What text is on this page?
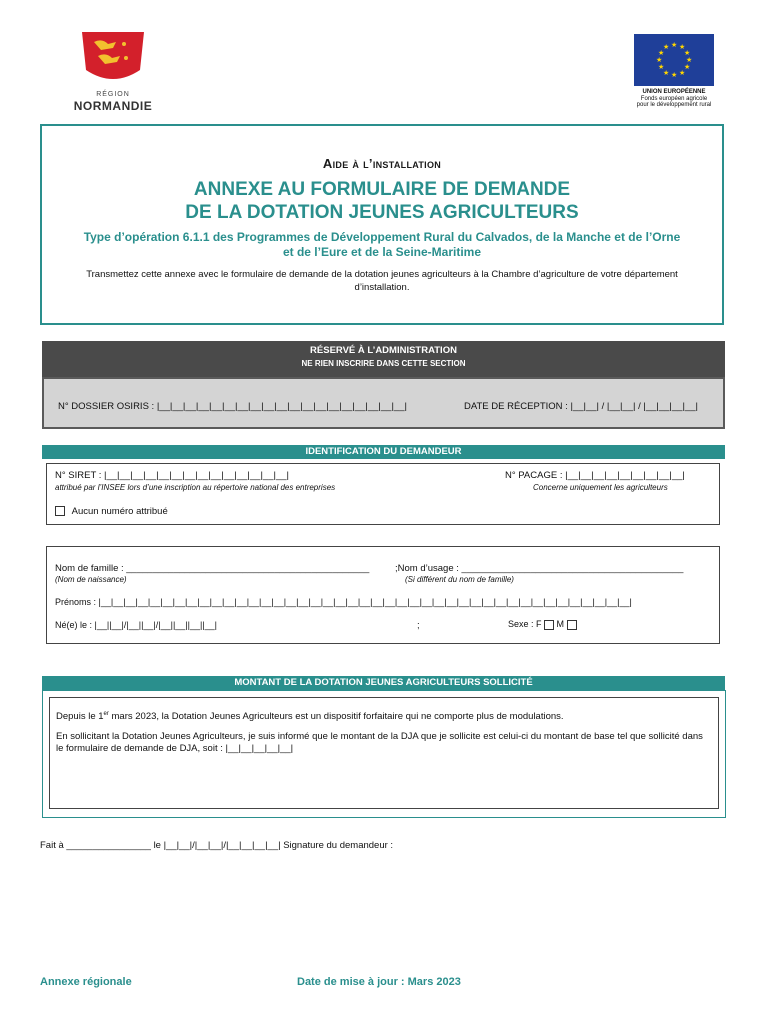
RÉGION
NORMANDIE
★ ★
★
★
★
★
★
★
★
★
★
★
UNION EUROPÉENNE
Fonds européen agricole
pour le développement rural
Aide à l’installation
ANNEXE AU FORMULAIRE DE DEMANDE
DE LA DOTATION JEUNES AGRICULTEURS
Type d’opération 6.1.1 des Programmes de Développement Rural du Calvados, de la Manche et de l’Orne
et de l’Eure et de la Seine-Maritime
Transmettez cette annexe avec le formulaire de demande de la dotation jeunes agriculteurs à la Chambre d’agriculture de votre département d’installation.
RÉSERVÉ À L’ADMINISTRATION
NE RIEN INSCRIRE DANS CETTE SECTION
N° DOSSIER OSIRIS : |__|__|__|__|__|__|__|__|__|__|__|__|__|__|__|__|__|__|__|	DATE DE RÉCEPTION : |__|__| / |__|__| / |__|__|__|__|
IDENTIFICATION DU DEMANDEUR
N° SIRET : |__|__|__|__|__|__|__|__|__|__|__|__|__|__|
attribué par l’INSEE lors d’une inscription au répertoire national des entreprises
N° PACAGE : |__|__|__|__|__|__|__|__|__|
Concerne uniquement les agriculteurs
Aucun numéro attribué
Nom de famille : ______________________________________________	;Nom d’usage : __________________________________________
(Nom de naissance)	(Si différent du nom de famille)
Prénoms : |__|__|__|__|__|__|__|__|__|__|__|__|__|__|__|__|__|__|__|__|__|__|__|__|__|__|__|__|__|__|__|__|__|__|__|__|__|__|__|__|__|__|__|
Né(e) le : |__||__|/|__||__|/|__||__||__||__|	;	Sexe : F M
MONTANT DE LA DOTATION JEUNES AGRICULTEURS SOLLICITÉ
Depuis le 1er mars 2023, la Dotation Jeunes Agriculteurs est un dispositif forfaitaire qui ne comporte plus de modulations.
En sollicitant la Dotation Jeunes Agriculteurs, je suis informé que le montant de la DJA que je sollicite est celui-ci du montant de base tel que sollicité dans le formulaire de demande de DJA, soit : |__|__|__|__|__|
Fait à ________________ le |__|__|/|__|__|/|__|__|__|__| Signature du demandeur :
Annexe régionale	Date de mise à jour : Mars 2023
